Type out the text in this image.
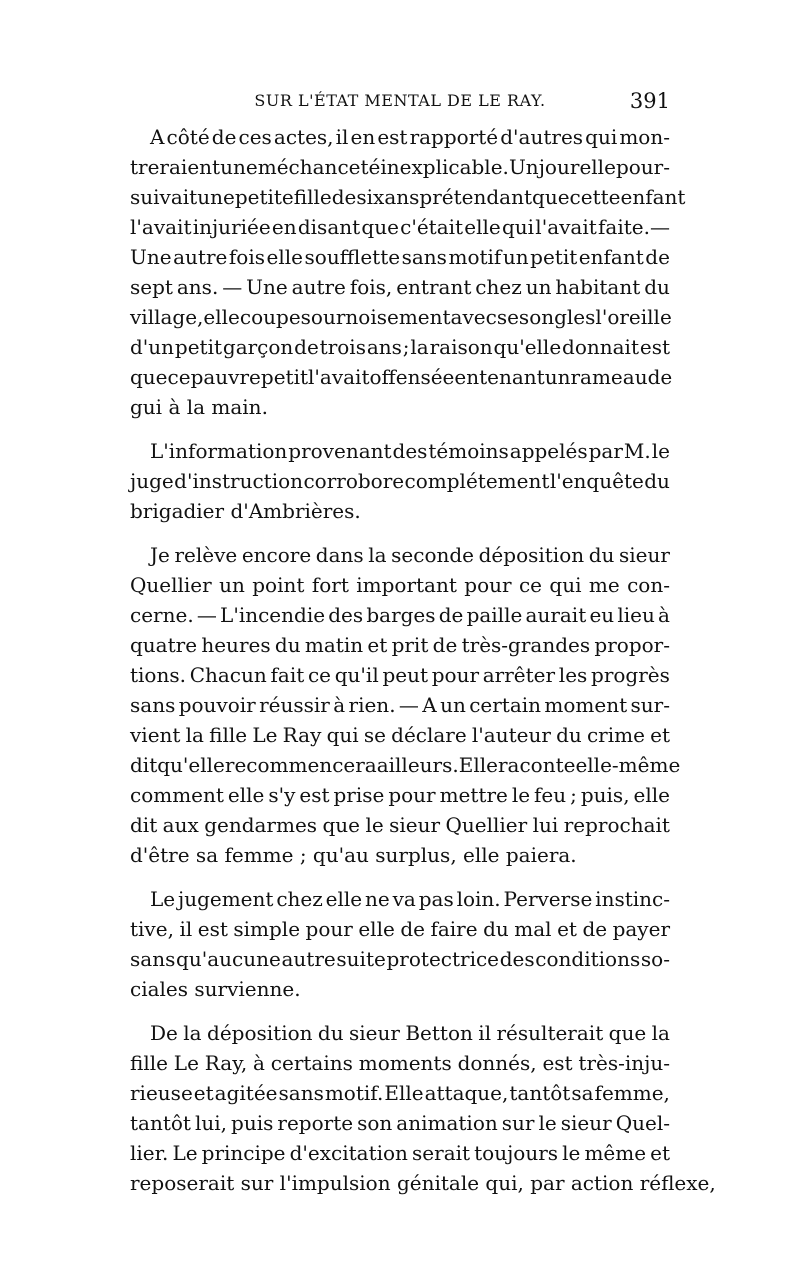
SUR L'ÉTAT MENTAL DE LE RAY.	391
A côté de ces actes, il en est rapporté d'autres qui mon-
treraient une méchanceté inexplicable. Un jour elle pour-
suivait une petite fille de six ans prétendant que cette enfant
l'avait injuriée en disant que c'était elle qui l'avait faite.—
Une autre fois elle soufflette sans motif un petit enfant de
sept ans. — Une autre fois, entrant chez un habitant du
village, elle coupe sournoisement avec ses ongles l'oreille
d'un petit garçon de trois ans ; la raison qu'elle donnait est
que ce pauvre petit l'avait offensée en tenant un rameau de
gui à la main.
L'information provenant des témoins appelés par M. le
juge d'instruction corrobore complétement l'enquête du
brigadier d'Ambrières.
Je relève encore dans la seconde déposition du sieur
Quellier un point fort important pour ce qui me con-
cerne. — L'incendie des barges de paille aurait eu lieu à
quatre heures du matin et prit de très-grandes propor-
tions. Chacun fait ce qu'il peut pour arrêter les progrès
sans pouvoir réussir à rien. — A un certain moment sur-
vient la fille Le Ray qui se déclare l'auteur du crime et
dit qu'elle recommencera ailleurs. Elle raconte elle-même
comment elle s'y est prise pour mettre le feu ; puis, elle
dit aux gendarmes que le sieur Quellier lui reprochait
d'être sa femme ; qu'au surplus, elle paiera.
Le jugement chez elle ne va pas loin. Perverse instinc-
tive, il est simple pour elle de faire du mal et de payer
sans qu'aucune autre suite protectrice des conditions so-
ciales survienne.
De la déposition du sieur Betton il résulterait que la
fille Le Ray, à certains moments donnés, est très-inju-
rieuse et agitée sans motif. Elle attaque, tantôt sa femme,
tantôt lui, puis reporte son animation sur le sieur Quel-
lier. Le principe d'excitation serait toujours le même et
reposerait sur l'impulsion génitale qui, par action réflexe,
